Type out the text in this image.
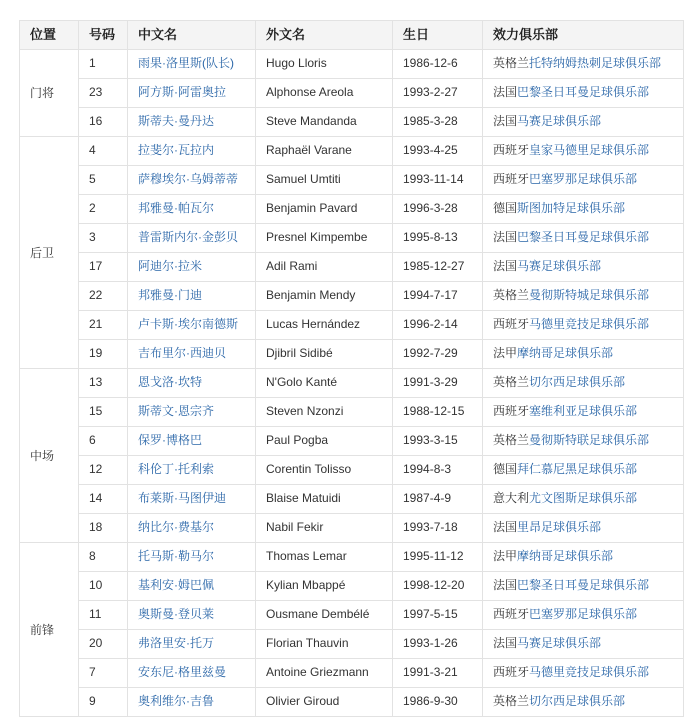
位置	号码	中文名	外文名	生日	效力俱乐部
门将	1	雨果·洛里斯(队长)	Hugo Lloris	1986-12-6	英格兰托特纳姆热刺足球俱乐部
	23	阿方斯·阿雷奥拉	Alphonse Areola	1993-2-27	法国巴黎圣日耳曼足球俱乐部
	16	斯蒂夫·曼丹达	Steve Mandanda	1985-3-28	法国马赛足球俱乐部
后卫	4	拉斐尔·瓦拉内	Raphaël Varane	1993-4-25	西班牙皇家马德里足球俱乐部
	5	萨穆埃尔·乌姆蒂蒂	Samuel Umtiti	1993-11-14	西班牙巴塞罗那足球俱乐部
	2	邦雅曼·帕瓦尔	Benjamin Pavard	1996-3-28	德国斯图加特足球俱乐部
	3	普雷斯内尔·金彭贝	Presnel Kimpembe	1995-8-13	法国巴黎圣日耳曼足球俱乐部
	17	阿迪尔·拉米	Adil Rami	1985-12-27	法国马赛足球俱乐部
	22	邦雅曼·门迪	Benjamin Mendy	1994-7-17	英格兰曼彻斯特城足球俱乐部
	21	卢卡斯·埃尔南德斯	Lucas Hernández	1996-2-14	西班牙马德里竞技足球俱乐部
	19	吉布里尔·西迪贝	Djibril Sidibé	1992-7-29	法甲摩纳哥足球俱乐部
中场	13	恩戈洛·坎特	N'Golo Kanté	1991-3-29	英格兰切尔西足球俱乐部
	15	斯蒂文·恩宗齐	Steven Nzonzi	1988-12-15	西班牙塞维利亚足球俱乐部
	6	保罗·博格巴	Paul Pogba	1993-3-15	英格兰曼彻斯特联足球俱乐部
	12	科伦丁·托利索	Corentin Tolisso	1994-8-3	德国拜仁慕尼黑足球俱乐部
	14	布莱斯·马图伊迪	Blaise Matuidi	1987-4-9	意大利尤文图斯足球俱乐部
	18	纳比尔·费基尔	Nabil Fekir	1993-7-18	法国里昂足球俱乐部
前锋	8	托马斯·勒马尔	Thomas Lemar	1995-11-12	法甲摩纳哥足球俱乐部
	10	基利安·姆巴佩	Kylian Mbappé	1998-12-20	法国巴黎圣日耳曼足球俱乐部
	11	奥斯曼·登贝莱	Ousmane Dembélé	1997-5-15	西班牙巴塞罗那足球俱乐部
	20	弗洛里安·托万	Florian Thauvin	1993-1-26	法国马赛足球俱乐部
	7	安东尼·格里兹曼	Antoine Griezmann	1991-3-21	西班牙马德里竞技足球俱乐部
	9	奥利维尔·吉鲁	Olivier Giroud	1986-9-30	英格兰切尔西足球俱乐部
